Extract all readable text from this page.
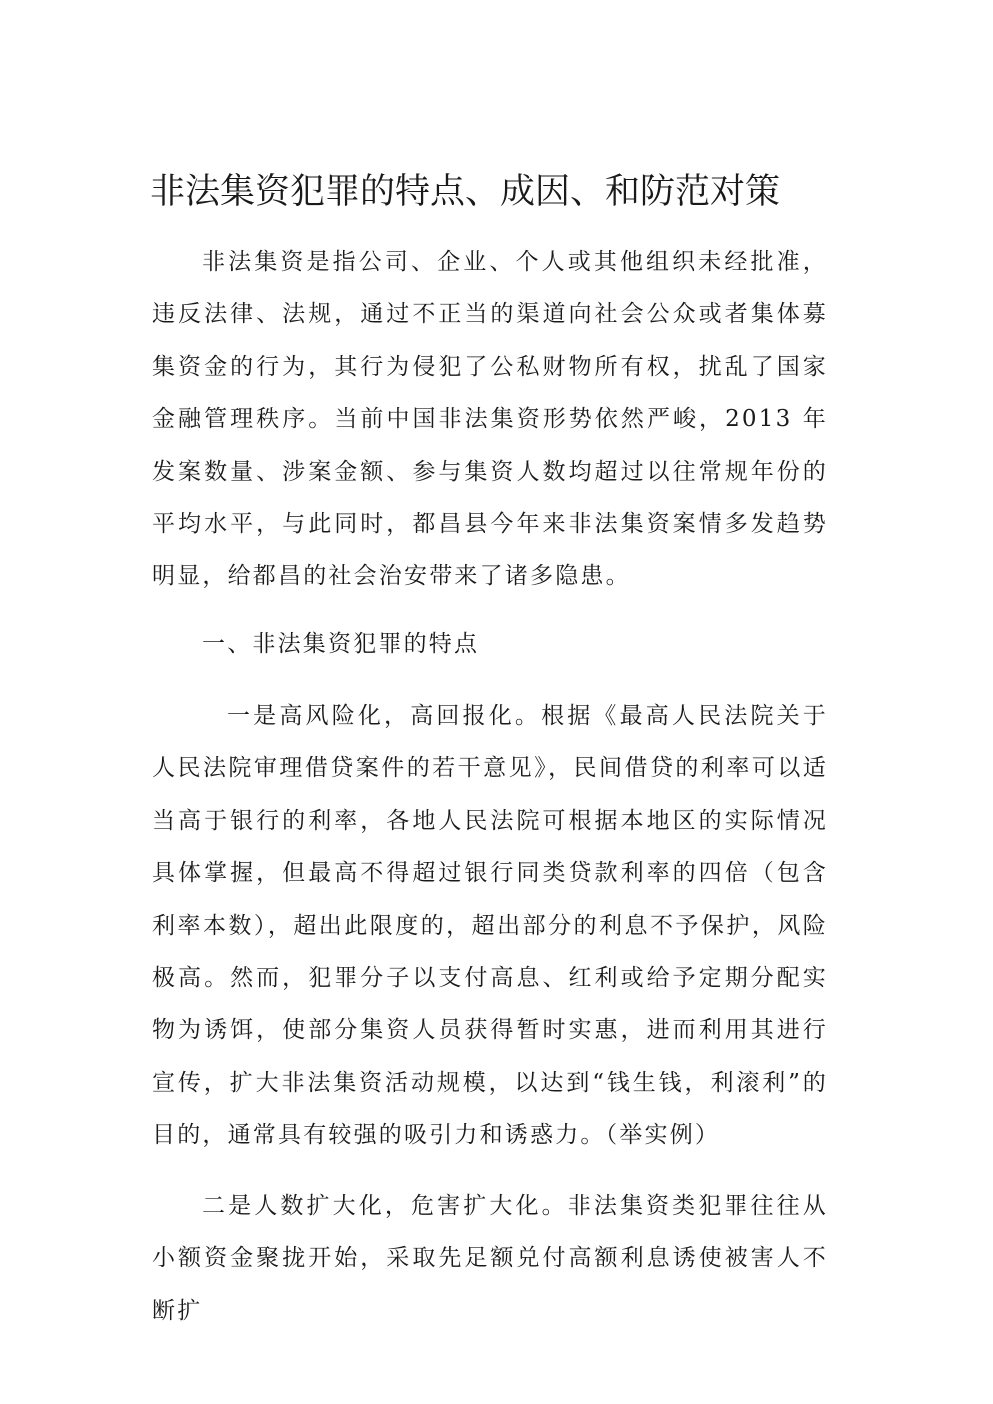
非法集资犯罪的特点、成因、和防范对策

非法集资是指公司、企业、个人或其他组织未经批准，违反法律、法规，通过不正当的渠道向社会公众或者集体募集资金的行为，其行为侵犯了公私财物所有权，扰乱了国家金融管理秩序。当前中国非法集资形势依然严峻，2013 年发案数量、涉案金额、参与集资人数均超过以往常规年份的平均水平，与此同时，都昌县今年来非法集资案情多发趋势明显，给都昌的社会治安带来了诸多隐患。

一、非法集资犯罪的特点

一是高风险化，高回报化。根据《最高人民法院关于人民法院审理借贷案件的若干意见》，民间借贷的利率可以适当高于银行的利率，各地人民法院可根据本地区的实际情况具体掌握，但最高不得超过银行同类贷款利率的四倍（包含利率本数），超出此限度的，超出部分的利息不予保护，风险极高。然而，犯罪分子以支付高息、红利或给予定期分配实物为诱饵，使部分集资人员获得暂时实惠，进而利用其进行宣传，扩大非法集资活动规模，以达到“钱生钱，利滚利”的目的，通常具有较强的吸引力和诱惑力。（举实例）

二是人数扩大化，危害扩大化。非法集资类犯罪往往从小额资金聚拢开始，采取先足额兑付高额利息诱使被害人不断扩
